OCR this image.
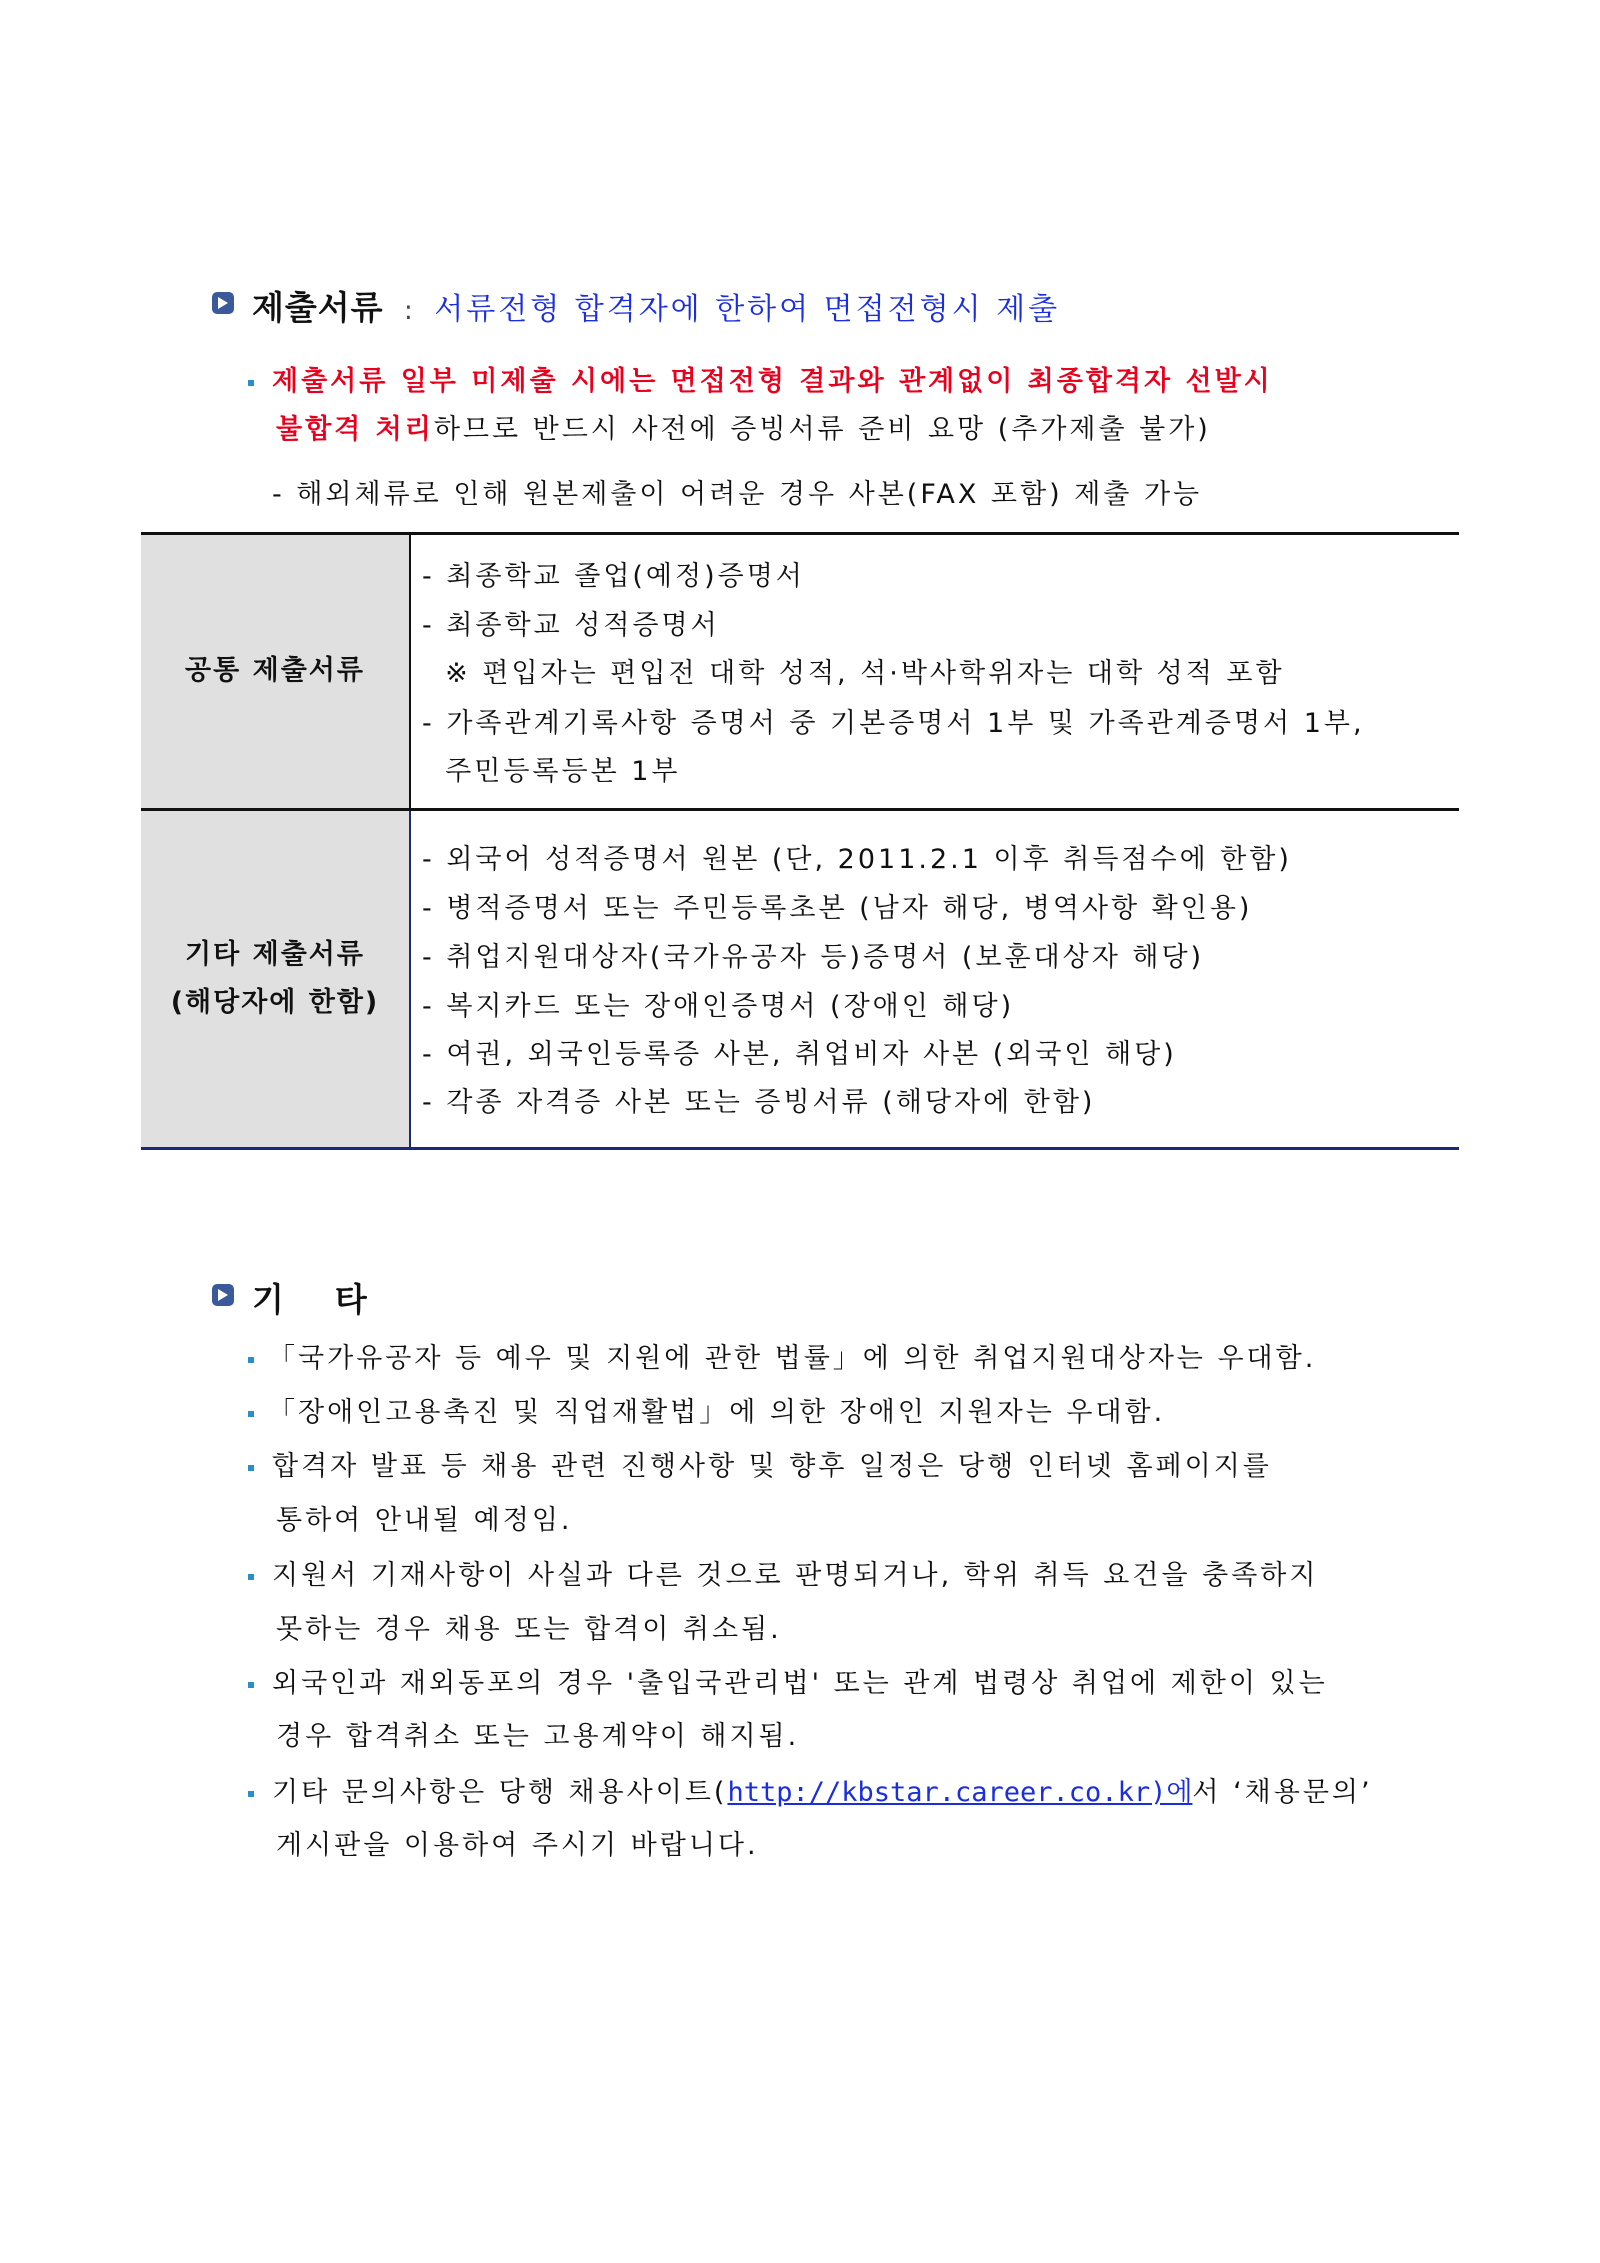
제출서류 : 서류전형 합격자에 한하여 면접전형시 제출
제출서류 일부 미제출 시에는 면접전형 결과와 관계없이 최종합격자 선발시
불합격 처리하므로 반드시 사전에 증빙서류 준비 요망 (추가제출 불가)
- 해외체류로 인해 원본제출이 어려운 경우 사본(FAX 포함) 제출 가능
공통 제출서류
기타 제출서류
(해당자에 한함)
- 최종학교 졸업(예정)증명서
- 최종학교 성적증명서
※ 편입자는 편입전 대학 성적, 석·박사학위자는 대학 성적 포함
- 가족관계기록사항 증명서 중 기본증명서 1부 및 가족관계증명서 1부,
주민등록등본 1부
- 외국어 성적증명서 원본 (단, 2011.2.1 이후 취득점수에 한함)
- 병적증명서 또는 주민등록초본 (남자 해당, 병역사항 확인용)
- 취업지원대상자(국가유공자 등)증명서 (보훈대상자 해당)
- 복지카드 또는 장애인증명서 (장애인 해당)
- 여권, 외국인등록증 사본, 취업비자 사본 (외국인 해당)
- 각종 자격증 사본 또는 증빙서류 (해당자에 한함)
기    타
「국가유공자 등 예우 및 지원에 관한 법률」에 의한 취업지원대상자는 우대함.
「장애인고용촉진 및 직업재활법」에 의한 장애인 지원자는 우대함.
합격자 발표 등 채용 관련 진행사항 및 향후 일정은 당행 인터넷 홈페이지를
통하여 안내될 예정임.
지원서 기재사항이 사실과 다른 것으로 판명되거나, 학위 취득 요건을 충족하지
못하는 경우 채용 또는 합격이 취소됨.
외국인과 재외동포의 경우 '출입국관리법' 또는 관계 법령상 취업에 제한이 있는
경우 합격취소 또는 고용계약이 해지됨.
기타 문의사항은 당행 채용사이트(http://kbstar.career.co.kr)에서 ‘채용문의’
게시판을 이용하여 주시기 바랍니다.
